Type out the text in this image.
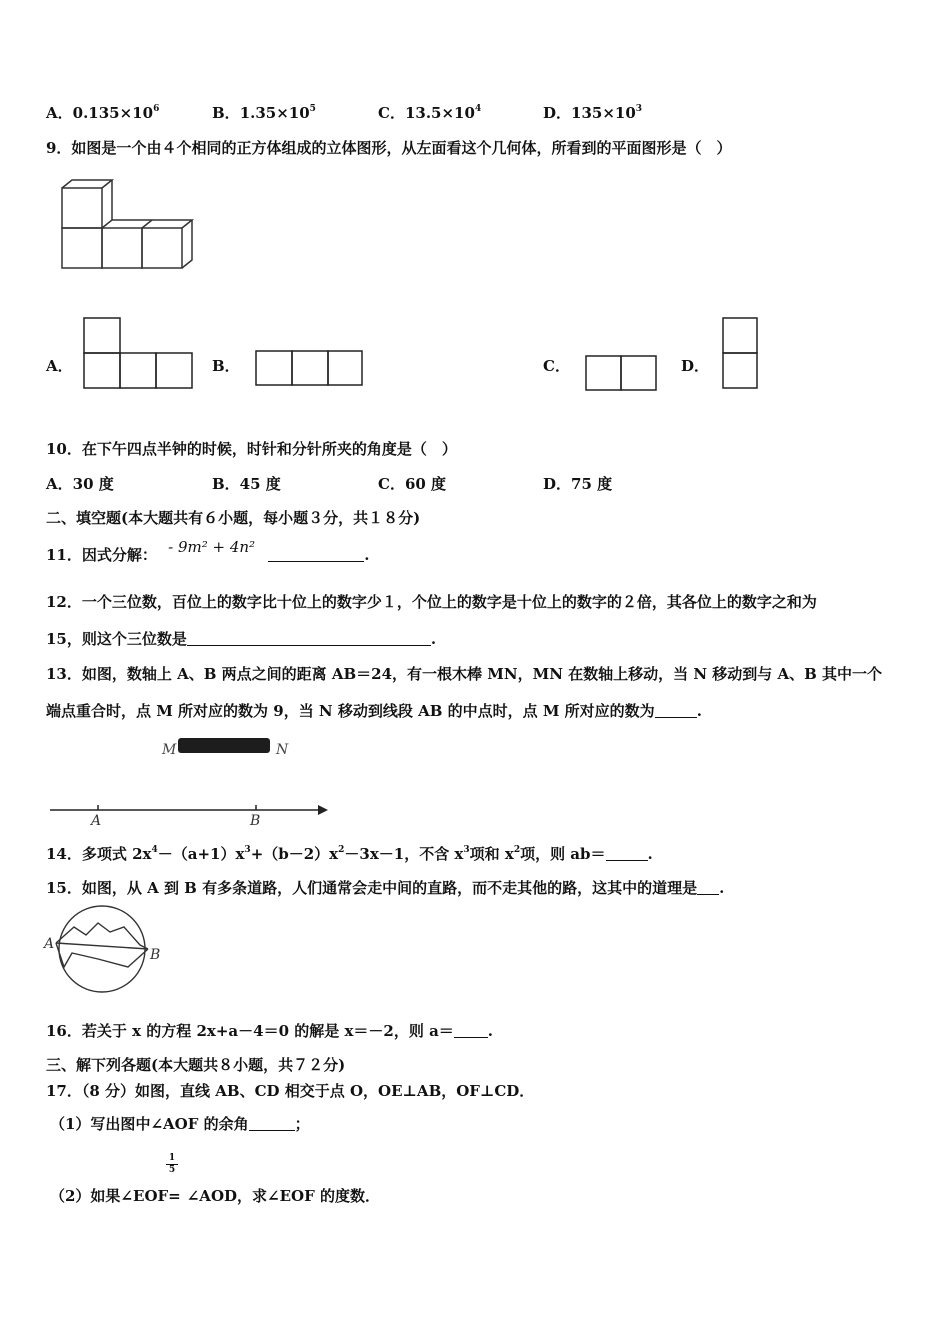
A．$0.135\times 10^6$	B．$1.35\times 10^5$	C．$13.5\times 10^4$	D．$135\times 10^3$
9．如图是一个由４个相同的正方体组成的立体图形，从左面看这个几何体，所看到的平面图形是（　）
A．	B．	C．	D．
10．在下午四点半钟的时候，时针和分针所夹的角度是（　）
A．30 度	B．45 度	C．60 度	D．75 度
二、填空题(本大题共有６小题，每小题３分，共１８分)
11．因式分解： - 9m² + 4n²	.
12．一个三位数，百位上的数字比十位上的数字少１，个位上的数字是十位上的数字的２倍，其各位上的数字之和为
15，则这个三位数是	.
13．如图，数轴上 A、B 两点之间的距离 AB＝24，有一根木棒 MN，MN 在数轴上移动，当 N 移动到与 A、B 其中一个
端点重合时，点 M 所对应的数为 9，当 N 移动到线段 AB 的中点时，点 M 所对应的数为	.
M	N
A	B
14．多项式 $2x^4-(a+1)x^3+(b-2)x^2-3x-1$，不含 $x^3$项和 $x^2$项，则 ab＝	.
15．如图，从 A 到 B 有多条道路，人们通常会走中间的直路，而不走其他的路，这其中的道理是 .
A
B
16．若关于 x 的方程 2x+a－4＝0 的解是 x＝－2，则 a＝ .
三、解下列各题(本大题共８小题，共７２分)
17．（8 分）如图，直线 AB、CD 相交于点 O，OE⊥AB，OF⊥CD．
（1）写出图中∠AOF 的余角	；
1
5
（2）如果∠EOF= ∠AOD，求∠EOF 的度数．
